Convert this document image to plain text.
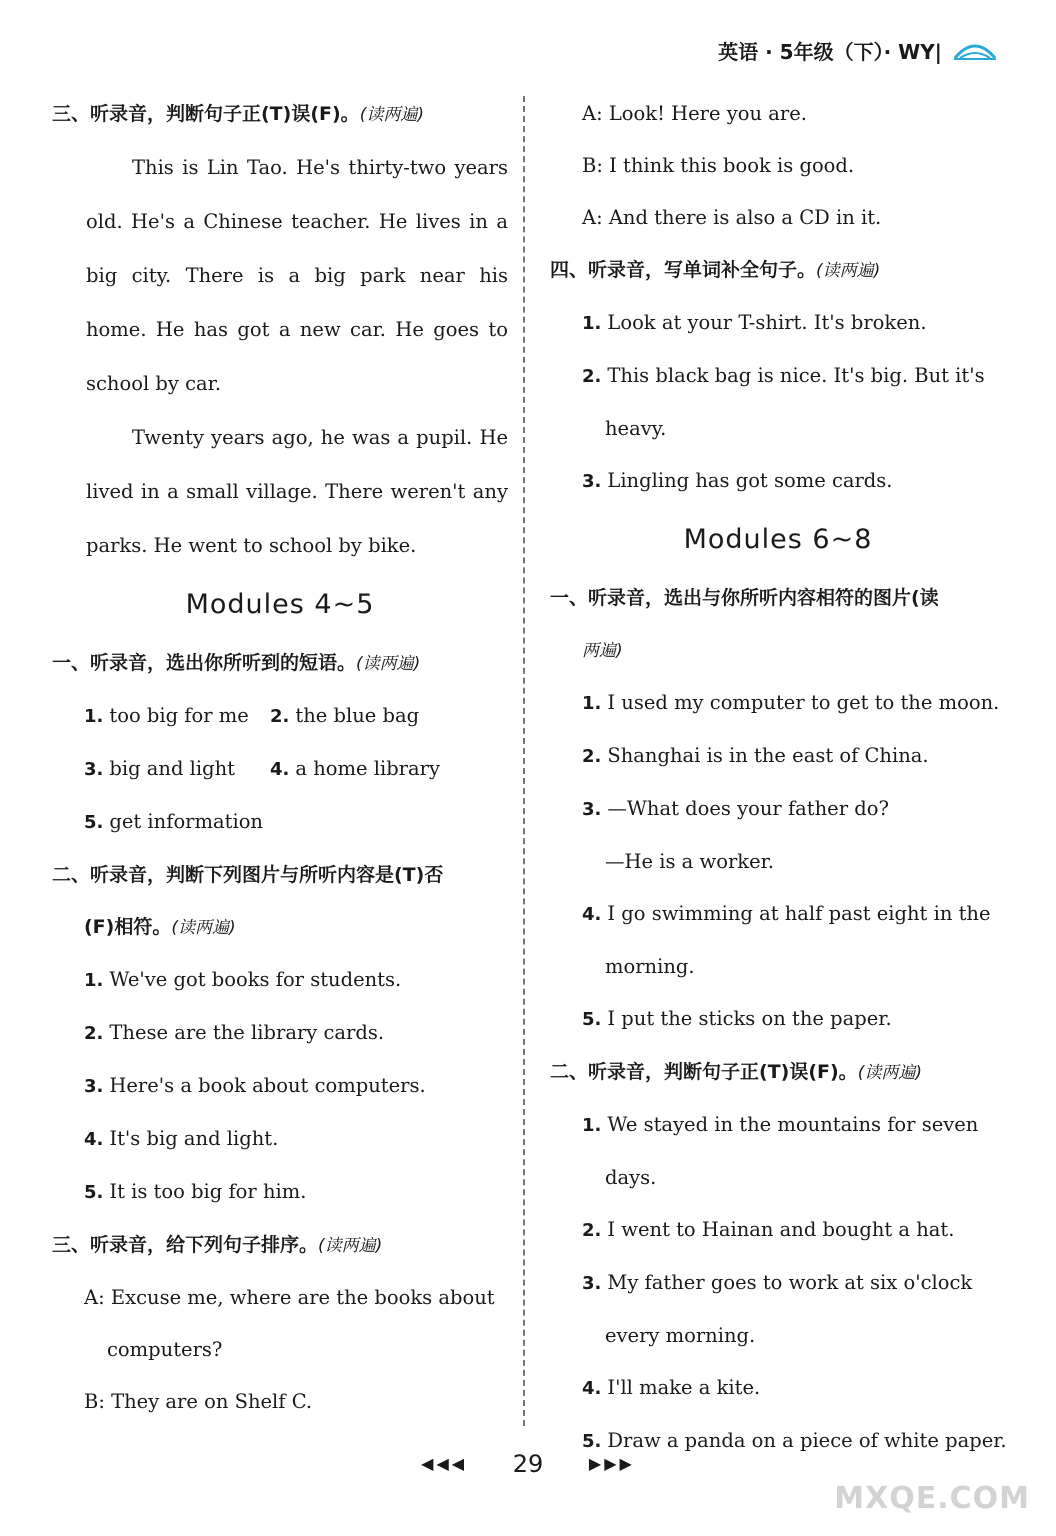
英语 · 5年级（下）· WY|
三、听录音，判断句子正(T)误(F)。(读两遍)
This is Lin Tao. He's thirty-two years old. He's a Chinese teacher. He lives in a big city. There is a big park near his home. He has got a new car. He goes to school by car.
Twenty years ago, he was a pupil. He lived in a small village. There weren't any parks. He went to school by bike.
Modules 4~5
一、听录音，选出你所听到的短语。(读两遍)
1. too big for me	2. the blue bag
3. big and light	4. a home library
5. get information
二、听录音，判断下列图片与所听内容是(T)否
(F)相符。(读两遍)
1. We've got books for students.
2. These are the library cards.
3. Here's a book about computers.
4. It's big and light.
5. It is too big for him.
三、听录音，给下列句子排序。(读两遍)
A: Excuse me, where are the books about
computers?
B: They are on Shelf C.
A: Look! Here you are.
B: I think this book is good.
A: And there is also a CD in it.
四、听录音，写单词补全句子。(读两遍)
1. Look at your T-shirt. It's broken.
2. This black bag is nice. It's big. But it's
heavy.
3. Lingling has got some cards.
Modules 6~8
一、听录音，选出与你所听内容相符的图片(读
两遍)
1. I used my computer to get to the moon.
2. Shanghai is in the east of China.
3. —What does your father do?
—He is a worker.
4. I go swimming at half past eight in the
morning.
5. I put the sticks on the paper.
二、听录音，判断句子正(T)误(F)。(读两遍)
1. We stayed in the mountains for seven
days.
2. I went to Hainan and bought a hat.
3. My father goes to work at six o'clock
every morning.
4. I'll make a kite.
5. Draw a panda on a piece of white paper.
◀◀◀ 29	▶▶▶
MXQE.COM
